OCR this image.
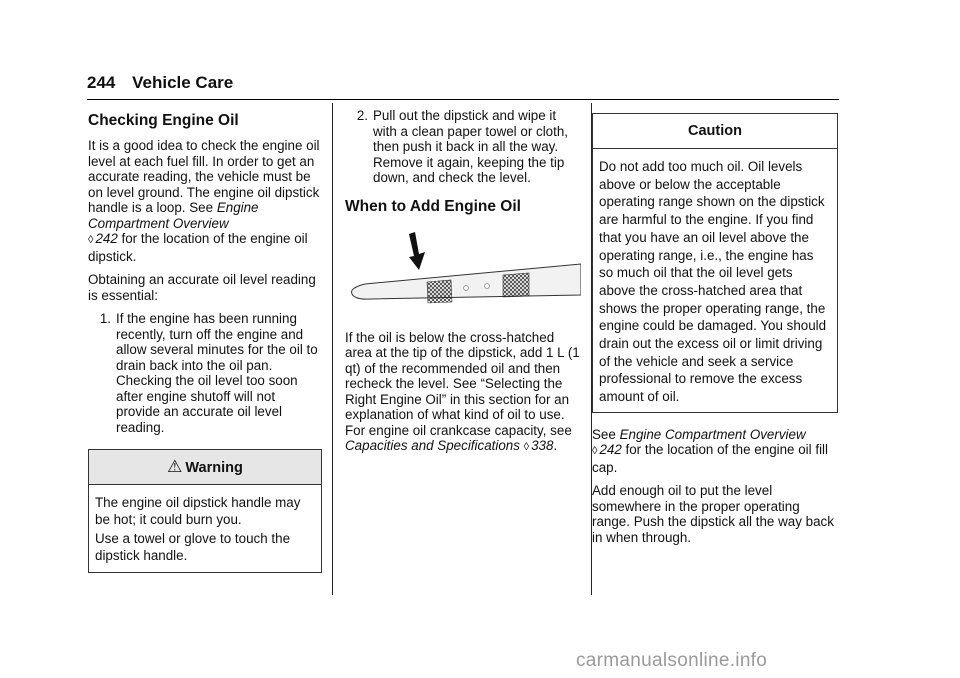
244 Vehicle Care
Checking Engine Oil

It is a good idea to check the engine oil level at each fuel fill. In order to get an accurate reading, the vehicle must be on level ground. The engine oil dipstick handle is a loop. See Engine Compartment Overview
◊ 242 for the location of the engine oil dipstick.

Obtaining an accurate oil level reading is essential:

1. If the engine has been running recently, turn off the engine and allow several minutes for the oil to drain back into the oil pan. Checking the oil level too soon after engine shutoff will not provide an accurate oil level reading.
⚠ Warning

The engine oil dipstick handle may be hot; it could burn you.

Use a towel or glove to touch the dipstick handle.

2. Pull out the dipstick and wipe it with a clean paper towel or cloth, then push it back in all the way. Remove it again, keeping the tip down, and check the level.
When to Add Engine Oil

If the oil is below the cross-hatched area at the tip of the dipstick, add 1 L (1 qt) of the recommended oil and then recheck the level. See “Selecting the Right Engine Oil” in this section for an explanation of what kind of oil to use. For engine oil crankcase capacity, see Capacities and Specifications ◊ 338.

Caution
Do not add too much oil. Oil levels above or below the acceptable operating range shown on the dipstick are harmful to the engine. If you find that you have an oil level above the operating range, i.e., the engine has so much oil that the oil level gets above the cross-hatched area that shows the proper operating range, the engine could be damaged. You should drain out the excess oil or limit driving of the vehicle and seek a service professional to remove the excess amount of oil.

See Engine Compartment Overview
◊ 242 for the location of the engine oil fill cap.

Add enough oil to put the level somewhere in the proper operating range. Push the dipstick all the way back in when through.

carmanualsonline.info
